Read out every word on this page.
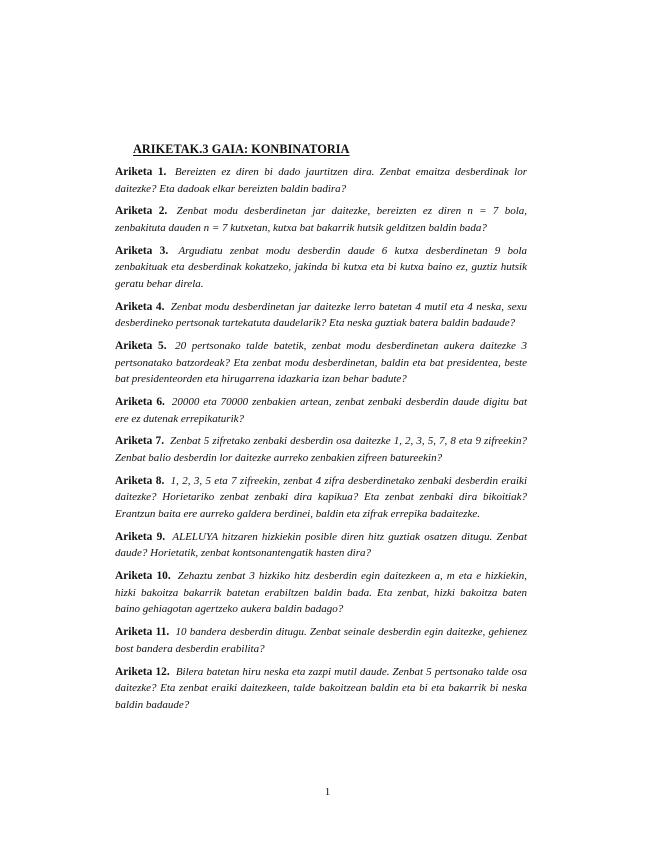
ARIKETAK.3 GAIA: KONBINATORIA

Ariketa 1. Bereizten ez diren bi dado jaurtitzen dira. Zenbat emaitza desberdinak lor daitezke? Eta dadoak elkar bereizten baldin badira?

Ariketa 2. Zenbat modu desberdinetan jar daitezke, bereizten ez diren n = 7 bola, zenbakituta dauden n = 7 kutxetan, kutxa bat bakarrik hutsik gelditzen baldin bada?

Ariketa 3. Argudiatu zenbat modu desberdin daude 6 kutxa desberdinetan 9 bola zenbakituak eta desberdinak kokatzeko, jakinda bi kutxa eta bi kutxa baino ez, guztiz hutsik geratu behar direla.

Ariketa 4. Zenbat modu desberdinetan jar daitezke lerro batetan 4 mutil eta 4 neska, sexu desberdineko pertsonak tartekatuta daudelarik? Eta neska guztiak batera baldin badaude?

Ariketa 5. 20 pertsonako talde batetik, zenbat modu desberdinetan aukera daitezke 3 pertsonatako batzordeak? Eta zenbat modu desberdinetan, baldin eta bat presidentea, beste bat presidenteorden eta hirugarrena idazkaria izan behar badute?

Ariketa 6. 20000 eta 70000 zenbakien artean, zenbat zenbaki desberdin daude digitu bat ere ez dutenak errepikaturik?

Ariketa 7. Zenbat 5 zifretako zenbaki desberdin osa daitezke 1, 2, 3, 5, 7, 8 eta 9 zifreekin? Zenbat balio desberdin lor daitezke aurreko zenbakien zifreen batureekin?

Ariketa 8. 1, 2, 3, 5 eta 7 zifreekin, zenbat 4 zifra desberdinetako zenbaki desberdin eraiki daitezke? Horietariko zenbat zenbaki dira kapikua? Eta zenbat zenbaki dira bikoitiak? Erantzun baita ere aurreko galdera berdinei, baldin eta zifrak errepika badaitezke.

Ariketa 9. ALELUYA hitzaren hizkiekin posible diren hitz guztiak osatzen ditugu. Zenbat daude? Horietatik, zenbat kontsonantengatik hasten dira?

Ariketa 10. Zehaztu zenbat 3 hizkiko hitz desberdin egin daitezkeen a, m eta e hizkiekin, hizki bakoitza bakarrik batetan erabiltzen baldin bada. Eta zenbat, hizki bakoitza baten baino gehiagotan agertzeko aukera baldin badago?

Ariketa 11. 10 bandera desberdin ditugu. Zenbat seinale desberdin egin daitezke, gehienez bost bandera desberdin erabilita?

Ariketa 12. Bilera batetan hiru neska eta zazpi mutil daude. Zenbat 5 pertsonako talde osa daitezke? Eta zenbat eraiki daitezkeen, talde bakoitzean baldin eta bi eta bakarrik bi neska baldin badaude?

1
